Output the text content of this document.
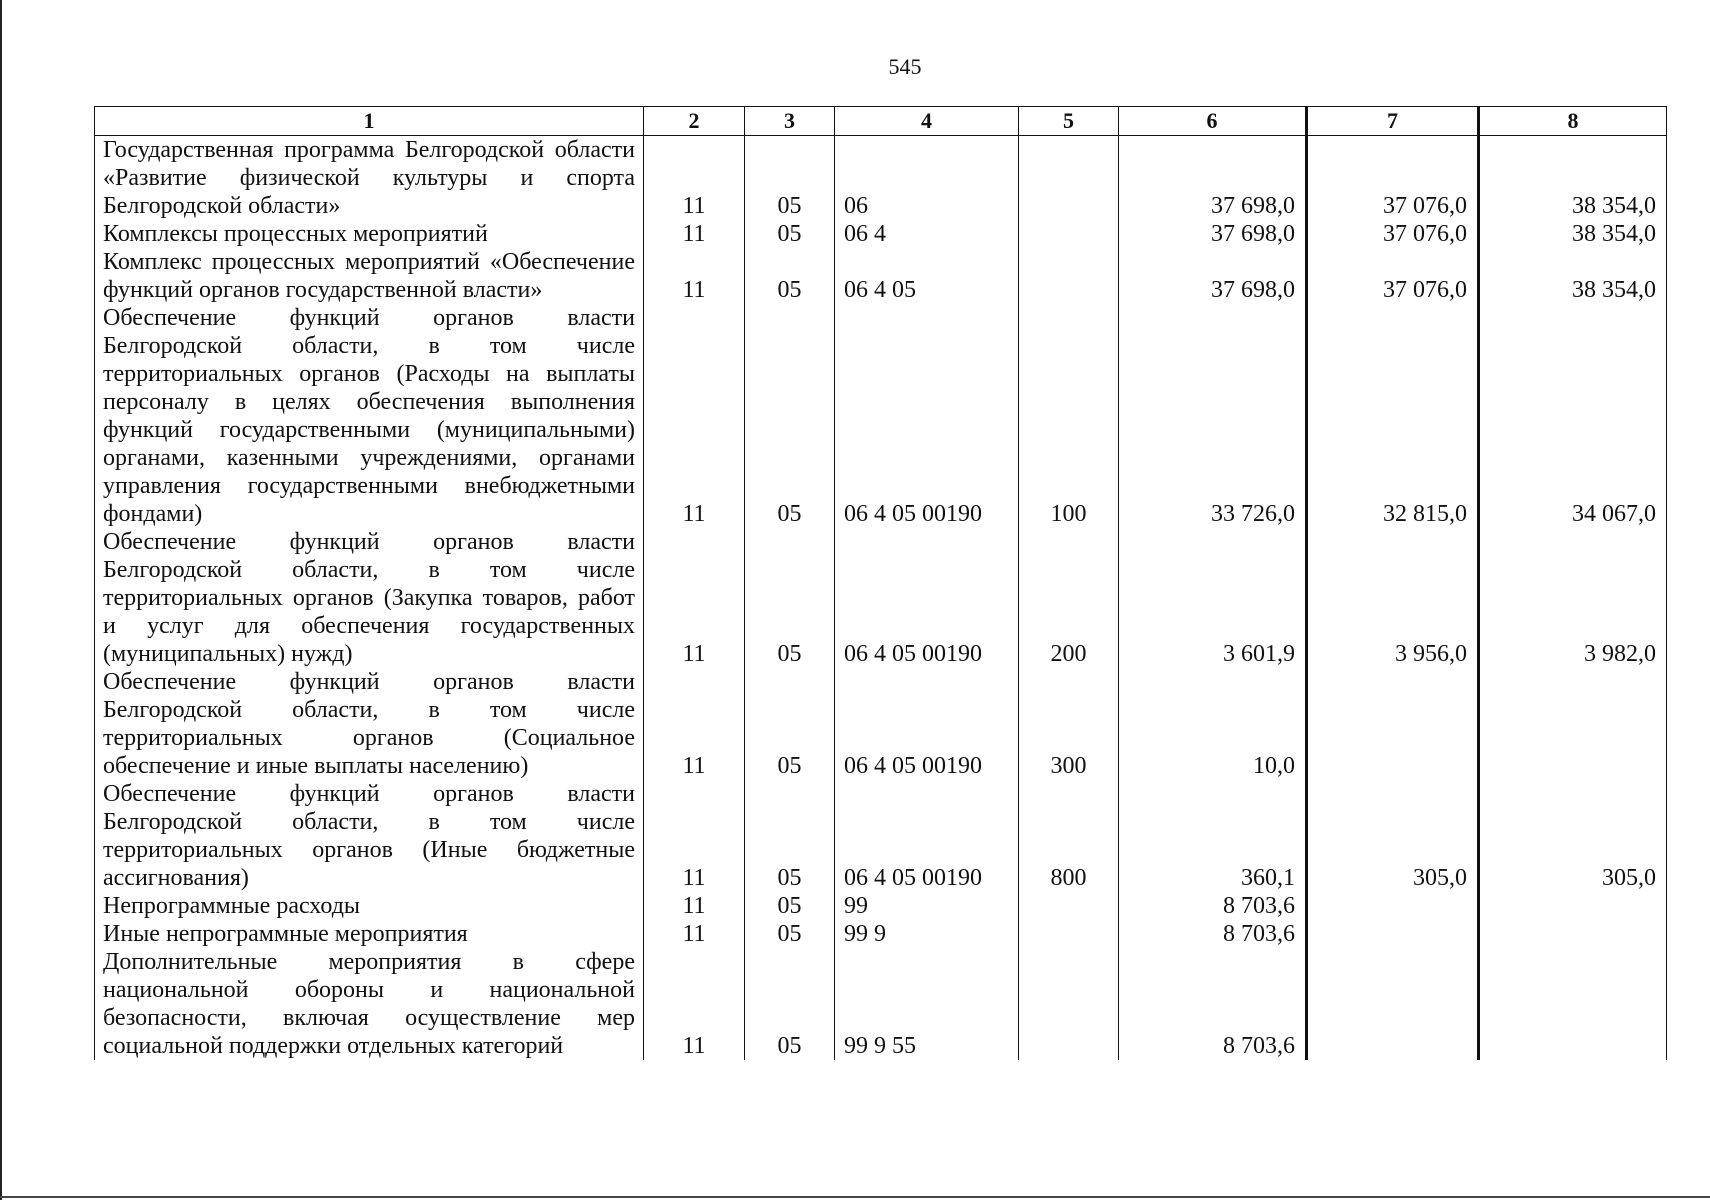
545
1	2	3	4	5	6	7	8
Государственная программа Белгородской области «Развитие физической культуры и спорта Белгородской области»	11	05	06		37 698,0	37 076,0	38 354,0
Комплексы процессных мероприятий	11	05	06 4		37 698,0	37 076,0	38 354,0
Комплекс процессных мероприятий «Обеспечение функций органов государственной власти»	11	05	06 4 05		37 698,0	37 076,0	38 354,0
Обеспечение функций органов власти Белгородской области, в том числе территориальных органов (Расходы на выплаты персоналу в целях обеспечения выполнения функций государственными (муниципальными) органами, казенными учреждениями, органами управления государственными внебюджетными фондами)	11	05	06 4 05 00190	100	33 726,0	32 815,0	34 067,0
Обеспечение функций органов власти Белгородской области, в том числе территориальных органов (Закупка товаров, работ и услуг для обеспечения государственных (муниципальных) нужд)	11	05	06 4 05 00190	200	3 601,9	3 956,0	3 982,0
Обеспечение функций органов власти Белгородской области, в том числе территориальных органов (Социальное обеспечение и иные выплаты населению)	11	05	06 4 05 00190	300	10,0		
Обеспечение функций органов власти Белгородской области, в том числе территориальных органов (Иные бюджетные ассигнования)	11	05	06 4 05 00190	800	360,1	305,0	305,0
Непрограммные расходы	11	05	99		8 703,6		
Иные непрограммные мероприятия	11	05	99 9		8 703,6		
Дополнительные мероприятия в сфере национальной обороны и национальной безопасности, включая осуществление мер социальной поддержки отдельных категорий	11	05	99 9 55		8 703,6		
